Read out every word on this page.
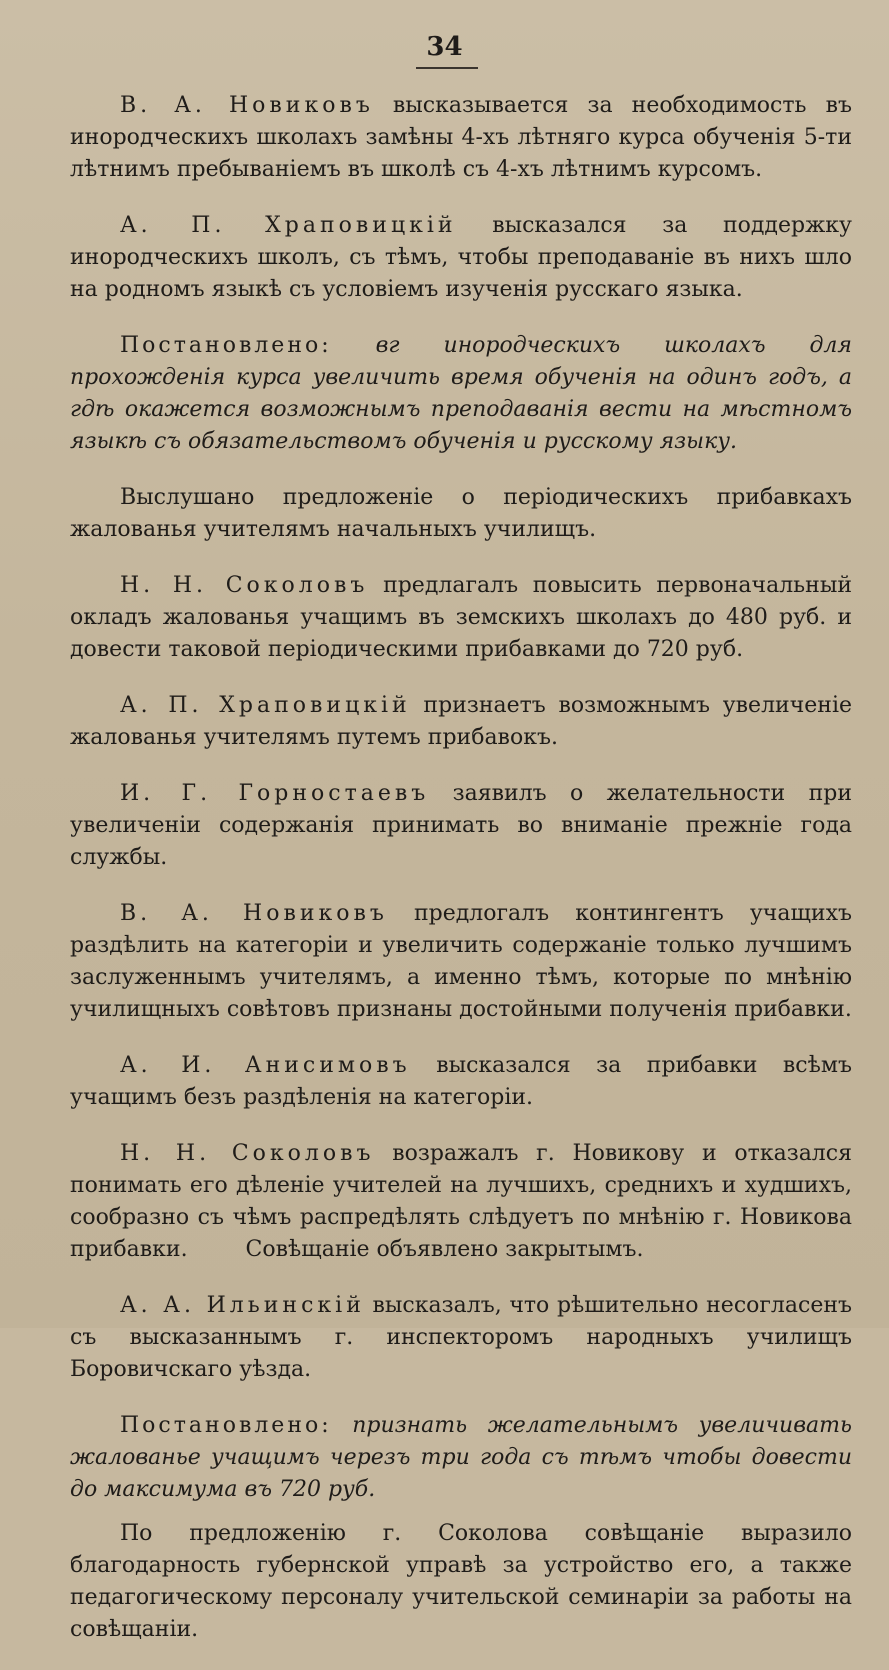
34

В. А. Новиковъ высказывается за необходимость въ инородческихъ школахъ замѣны 4-хъ лѣтняго курса обученія 5-ти лѣтнимъ пребываніемъ въ школѣ съ 4-хъ лѣтнимъ курсомъ.

А. П. Храповицкій высказался за поддержку инородческихъ школъ, съ тѣмъ, чтобы преподаваніе въ нихъ шло на родномъ языкѣ съ условіемъ изученія русскаго языка.

Постановлено: вг инородческихъ школахъ для прохожденія курса увеличить время обученія на одинъ годъ, а гдѣ окажется возможнымъ преподаванія вести на мѣстномъ языкѣ съ обязательствомъ обученія и русскому языку.

Выслушано предложеніе о періодическихъ прибавкахъ жалованья учителямъ начальныхъ училищъ.

Н. Н. Соколовъ предлагалъ повысить первоначальный окладъ жалованья учащимъ въ земскихъ школахъ до 480 руб. и довести таковой періодическими прибавками до 720 руб.

А. П. Храповицкій признаетъ возможнымъ увеличеніе жалованья учителямъ путемъ прибавокъ.

И. Г. Горностаевъ заявилъ о желательности при увеличеніи содержанія принимать во вниманіе прежніе года службы.

В. А. Новиковъ предлогалъ контингентъ учащихъ раздѣлить на категоріи и увеличить содержаніе только лучшимъ заслуженнымъ учителямъ, а именно тѣмъ, которые по мнѣнію училищныхъ совѣтовъ признаны достойными полученія прибавки.

А. И. Анисимовъ высказался за прибавки всѣмъ учащимъ безъ раздѣленія на категоріи.

Н. Н. Соколовъ возражалъ г. Новикову и отказался понимать его дѣленіе учителей на лучшихъ, среднихъ и худшихъ, сообразно съ чѣмъ распредѣлять слѣдуетъ по мнѣнію г. Новикова прибавки.

А. А. Ильинскій высказалъ, что рѣшительно несогласенъ съ высказаннымъ г. инспекторомъ народныхъ училищъ Боровичскаго уѣзда.

Постановлено: признать желательнымъ увеличивать жалованье учащимъ черезъ три года съ тѣмъ чтобы довести до максимума въ 720 руб.

По предложенію г. Соколова совѣщаніе выразило благодарность губернской управѣ за устройство его, а также педагогическому персоналу учительской семинаріи за работы на совѣщаніи.

Совѣщаніе объявлено закрытымъ.
